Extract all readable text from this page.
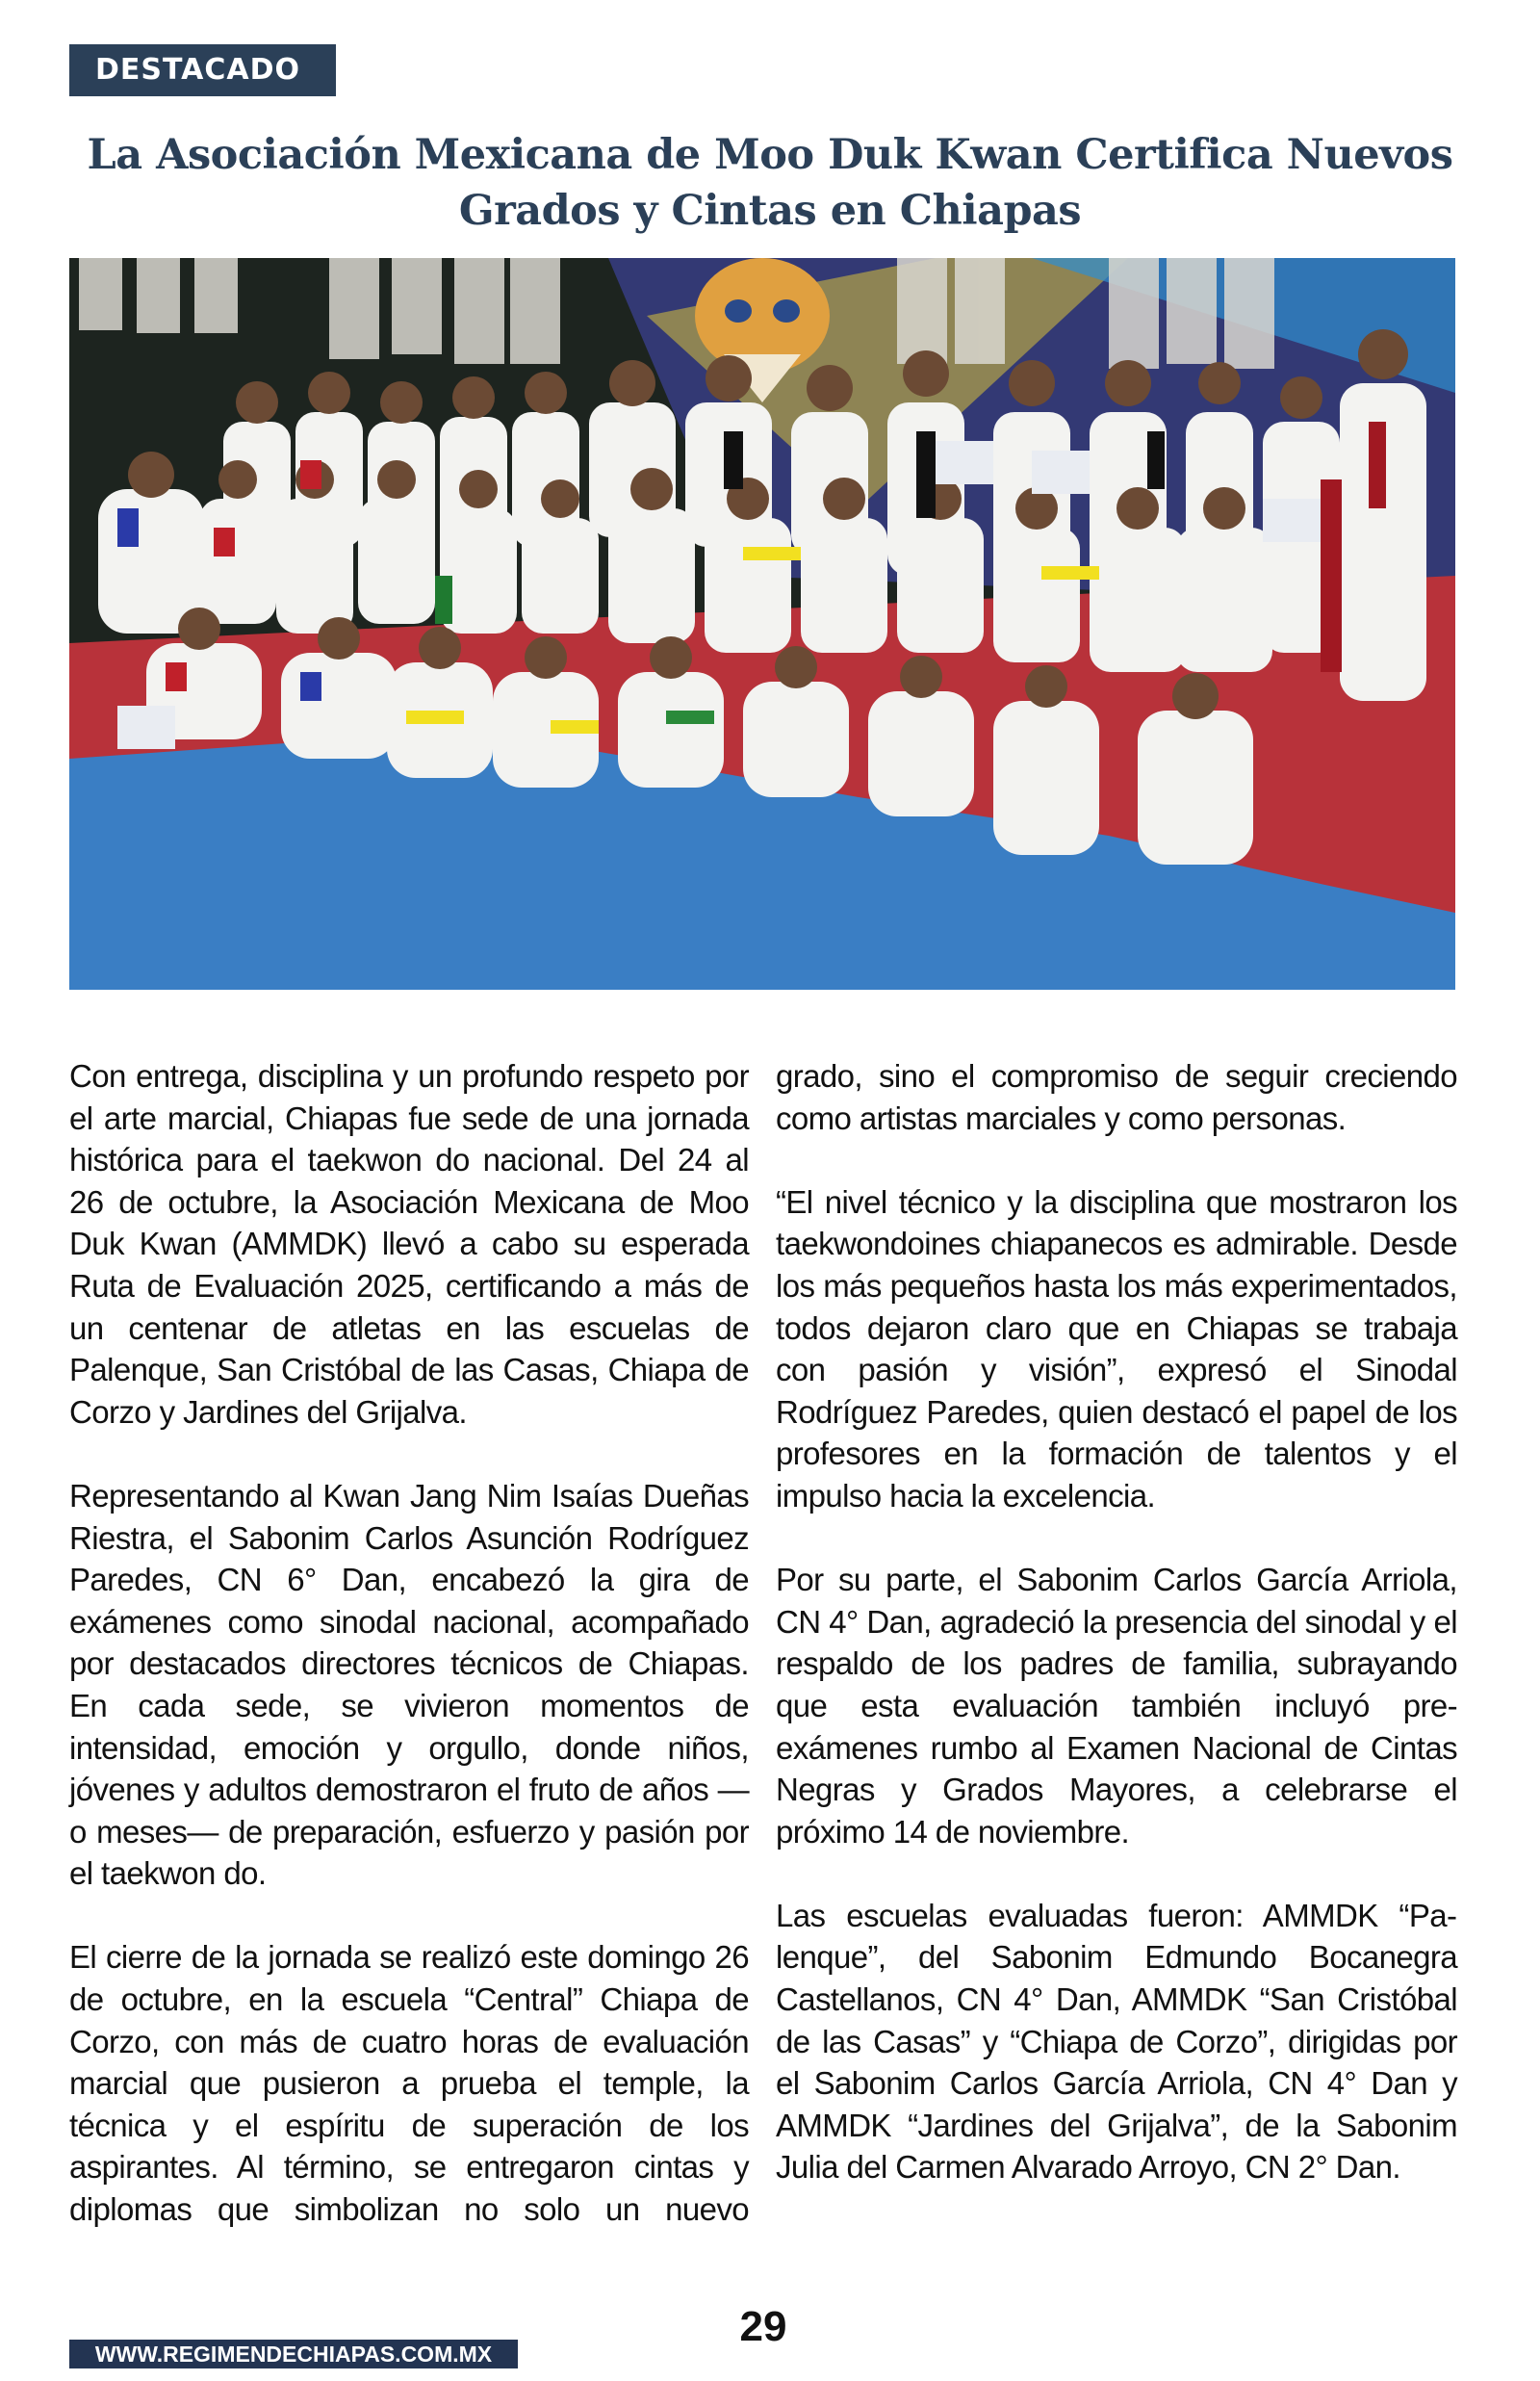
DESTACADO
La Asociación Mexicana de Moo Duk Kwan Certifica Nuevos Grados y Cintas en Chiapas

Con entrega, disciplina y un profundo respeto por el arte marcial, Chiapas fue sede de una jornada histórica para el taekwon do nacional. Del 24 al 26 de octubre, la Asociación Mexicana de Moo Duk Kwan (AMMDK) llevó a cabo su esperada Ruta de Evaluación 2025, certificando a más de un centenar de atletas en las escuelas de Palenque, San Cristóbal de las Casas, Chiapa de Corzo y Jardines del Grijalva.

Representando al Kwan Jang Nim Isaías Dueñas Riestra, el Sabonim Carlos Asunción Rodríguez Paredes, CN 6° Dan, encabezó la gira de exámenes como sinodal nacional, acompañado por destacados directores técnicos de Chiapas. En cada sede, se vivieron momentos de intensidad, emoción y orgullo, donde niños, jóvenes y adultos demostraron el fruto de años —o meses— de preparación, esfuerzo y pasión por el taekwon do.

El cierre de la jornada se realizó este domingo 26 de octubre, en la escuela “Central” Chiapa de Corzo, con más de cuatro horas de evaluación marcial que pusieron a prueba el temple, la técnica y el espíritu de superación de los aspirantes. Al término, se entregaron cintas y diplomas que simbolizan no solo un nuevo

grado, sino el compromiso de seguir creciendo como artistas marciales y como personas.

“El nivel técnico y la disciplina que mostraron los taekwondoines chiapanecos es admirable. Desde los más pequeños hasta los más experimentados, todos dejaron claro que en Chiapas se trabaja con pasión y visión”, expresó el Sinodal Rodríguez Paredes, quien destacó el papel de los profesores en la formación de talentos y el impulso hacia la excelencia.

Por su parte, el Sabonim Carlos García Arriola, CN 4° Dan, agradeció la presencia del sinodal y el respaldo de los padres de familia, subrayando que esta evaluación también incluyó pre-exámenes rumbo al Examen Nacional de Cintas Negras y Grados Mayores, a celebrarse el próximo 14 de noviembre.

Las escuelas evaluadas fueron: AMMDK “Palenque”, del Sabonim Edmundo Bocanegra Castellanos, CN 4° Dan, AMMDK “San Cristóbal de las Casas” y “Chiapa de Corzo”, dirigidas por el Sabonim Carlos García Arriola, CN 4° Dan y AMMDK “Jardines del Grijalva”, de la Sabonim Julia del Carmen Alvarado Arroyo, CN 2° Dan.

WWW.REGIMENDECHIAPAS.COM.MX
29
